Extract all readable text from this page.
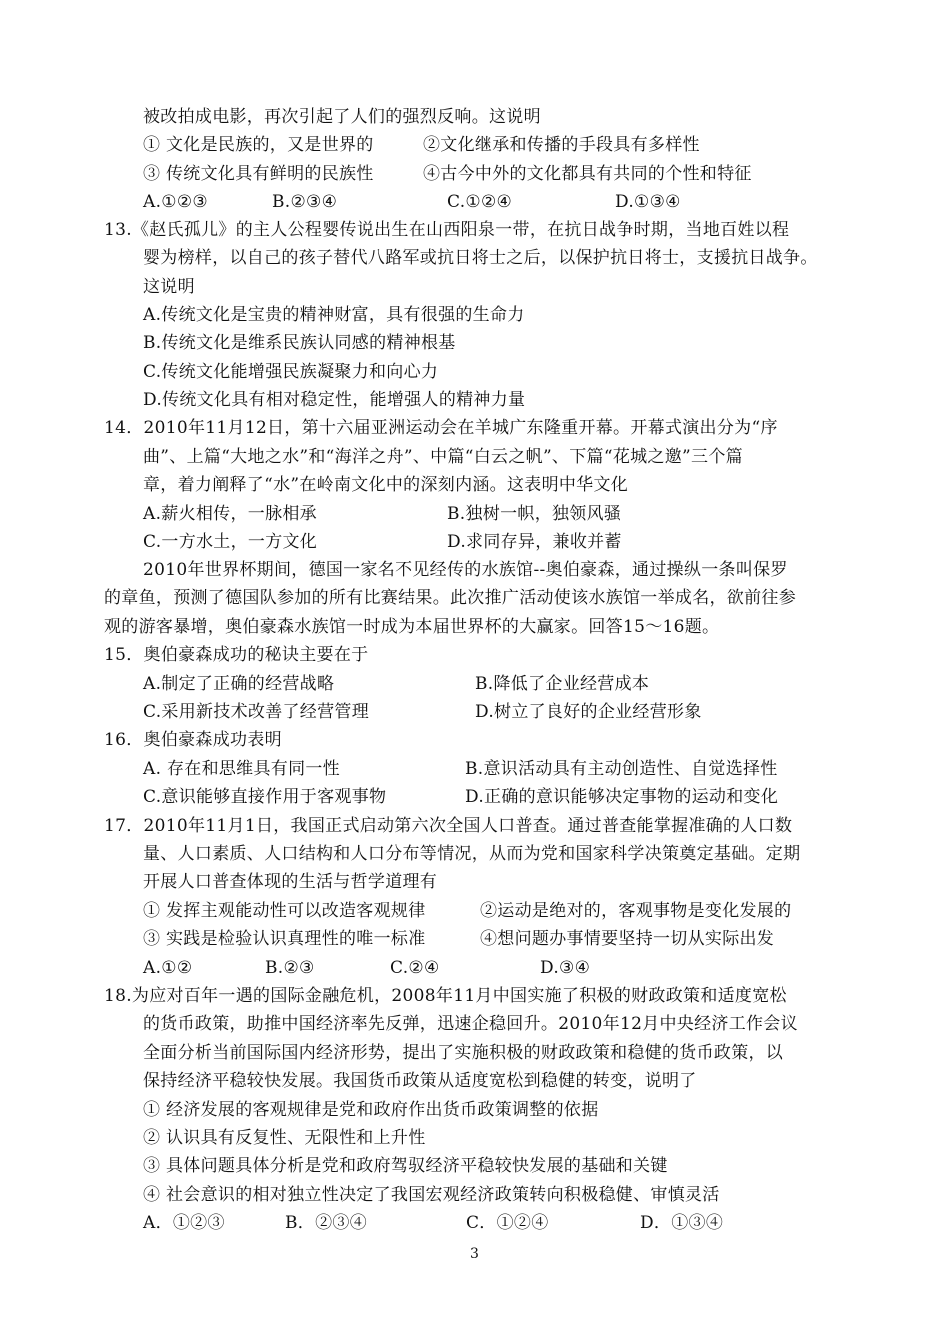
被改拍成电影，再次引起了人们的强烈反响。这说明
① 文化是民族的，又是世界的	②文化继承和传播的手段具有多样性
③ 传统文化具有鲜明的民族性	④古今中外的文化都具有共同的个性和特征
A.①②③	B.②③④	C.①②④	D.①③④
13.《赵氏孤儿》的主人公程婴传说出生在山西阳泉一带，在抗日战争时期，当地百姓以程
婴为榜样，以自己的孩子替代八路军或抗日将士之后，以保护抗日将士，支援抗日战争。
这说明
A.传统文化是宝贵的精神财富，具有很强的生命力
B.传统文化是维系民族认同感的精神根基
C.传统文化能增强民族凝聚力和向心力
D.传统文化具有相对稳定性，能增强人的精神力量
14．2010年11月12日，第十六届亚洲运动会在羊城广东隆重开幕。开幕式演出分为“序
曲”、上篇“大地之水”和“海洋之舟”、中篇“白云之帆”、下篇“花城之邀”三个篇
章，着力阐释了“水”在岭南文化中的深刻内涵。这表明中华文化
A.薪火相传，一脉相承	B.独树一帜，独领风骚
C.一方水土，一方文化	D.求同存异，兼收并蓄
2010年世界杯期间，德国一家名不见经传的水族馆--奥伯豪森，通过操纵一条叫保罗
的章鱼，预测了德国队参加的所有比赛结果。此次推广活动使该水族馆一举成名，欲前往参
观的游客暴增，奥伯豪森水族馆一时成为本届世界杯的大赢家。回答15～16题。
15．奥伯豪森成功的秘诀主要在于
A.制定了正确的经营战略	B.降低了企业经营成本
C.采用新技术改善了经营管理	D.树立了良好的企业经营形象
16．奥伯豪森成功表明
A. 存在和思维具有同一性	B.意识活动具有主动创造性、自觉选择性
C.意识能够直接作用于客观事物	D.正确的意识能够决定事物的运动和变化
17．2010年11月1日，我国正式启动第六次全国人口普查。通过普查能掌握准确的人口数
量、人口素质、人口结构和人口分布等情况，从而为党和国家科学决策奠定基础。定期
开展人口普查体现的生活与哲学道理有
① 发挥主观能动性可以改造客观规律	②运动是绝对的，客观事物是变化发展的
③ 实践是检验认识真理性的唯一标准	④想问题办事情要坚持一切从实际出发
A.①②	B.②③	C.②④	D.③④
18.为应对百年一遇的国际金融危机，2008年11月中国实施了积极的财政政策和适度宽松
的货币政策，助推中国经济率先反弹，迅速企稳回升。2010年12月中央经济工作会议
全面分析当前国际国内经济形势，提出了实施积极的财政政策和稳健的货币政策，以
保持经济平稳较快发展。我国货币政策从适度宽松到稳健的转变，说明了
① 经济发展的客观规律是党和政府作出货币政策调整的依据
② 认识具有反复性、无限性和上升性
③ 具体问题具体分析是党和政府驾驭经济平稳较快发展的基础和关键
④ 社会意识的相对独立性决定了我国宏观经济政策转向积极稳健、审慎灵活
A．①②③	B．②③④	C．①②④	D．①③④
3
